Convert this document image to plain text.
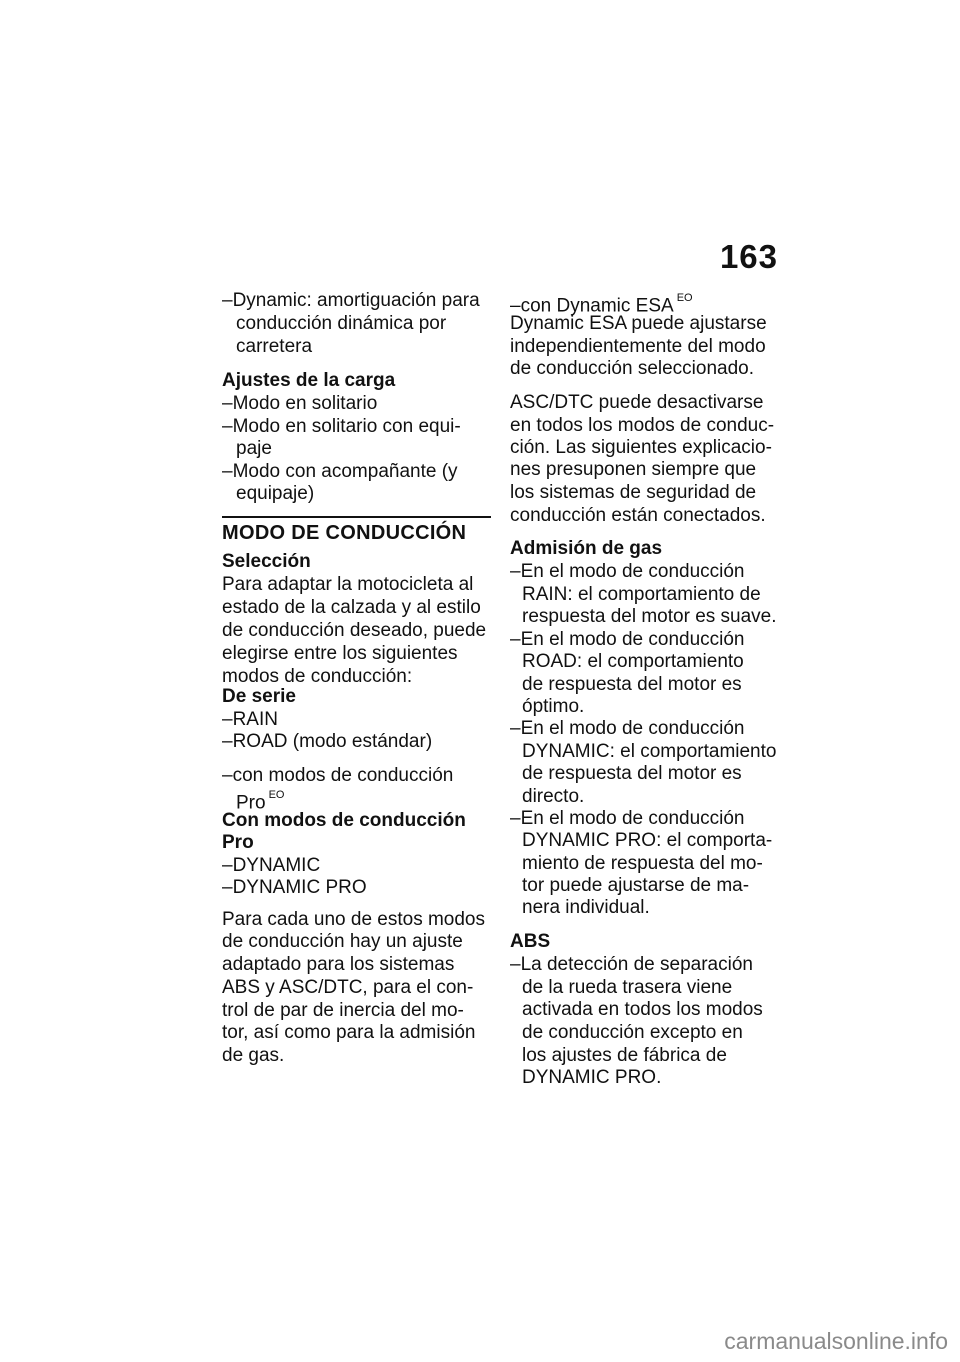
163
–Dynamic: amortiguación para
conducción dinámica por
carretera
Ajustes de la carga
–Modo en solitario
–Modo en solitario con equi-
paje
–Modo con acompañante (y
equipaje)
MODO DE CONDUCCIÓN
Selección
Para adaptar la motocicleta al
estado de la calzada y al estilo
de conducción deseado, puede
elegirse entre los siguientes
modos de conducción:
De serie
–RAIN
–ROAD (modo estándar)
–con modos de conducción
Pro $^{EO}$
Con modos de conducción
Pro
–DYNAMIC
–DYNAMIC PRO
Para cada uno de estos modos
de conducción hay un ajuste
adaptado para los sistemas
ABS y ASC/DTC, para el con-
trol de par de inercia del mo-
tor, así como para la admisión
de gas.
–con Dynamic ESA $^{EO}$
Dynamic ESA puede ajustarse
independientemente del modo
de conducción seleccionado.
ASC/DTC puede desactivarse
en todos los modos de conduc-
ción. Las siguientes explicacio-
nes presuponen siempre que
los sistemas de seguridad de
conducción están conectados.
Admisión de gas
–En el modo de conducción
RAIN: el comportamiento de
respuesta del motor es suave.
–En el modo de conducción
ROAD: el comportamiento
de respuesta del motor es
óptimo.
–En el modo de conducción
DYNAMIC: el comportamiento
de respuesta del motor es
directo.
–En el modo de conducción
DYNAMIC PRO: el comporta-
miento de respuesta del mo-
tor puede ajustarse de ma-
nera individual.
ABS
–La detección de separación
de la rueda trasera viene
activada en todos los modos
de conducción excepto en
los ajustes de fábrica de
DYNAMIC PRO.
carmanualsonline.info
